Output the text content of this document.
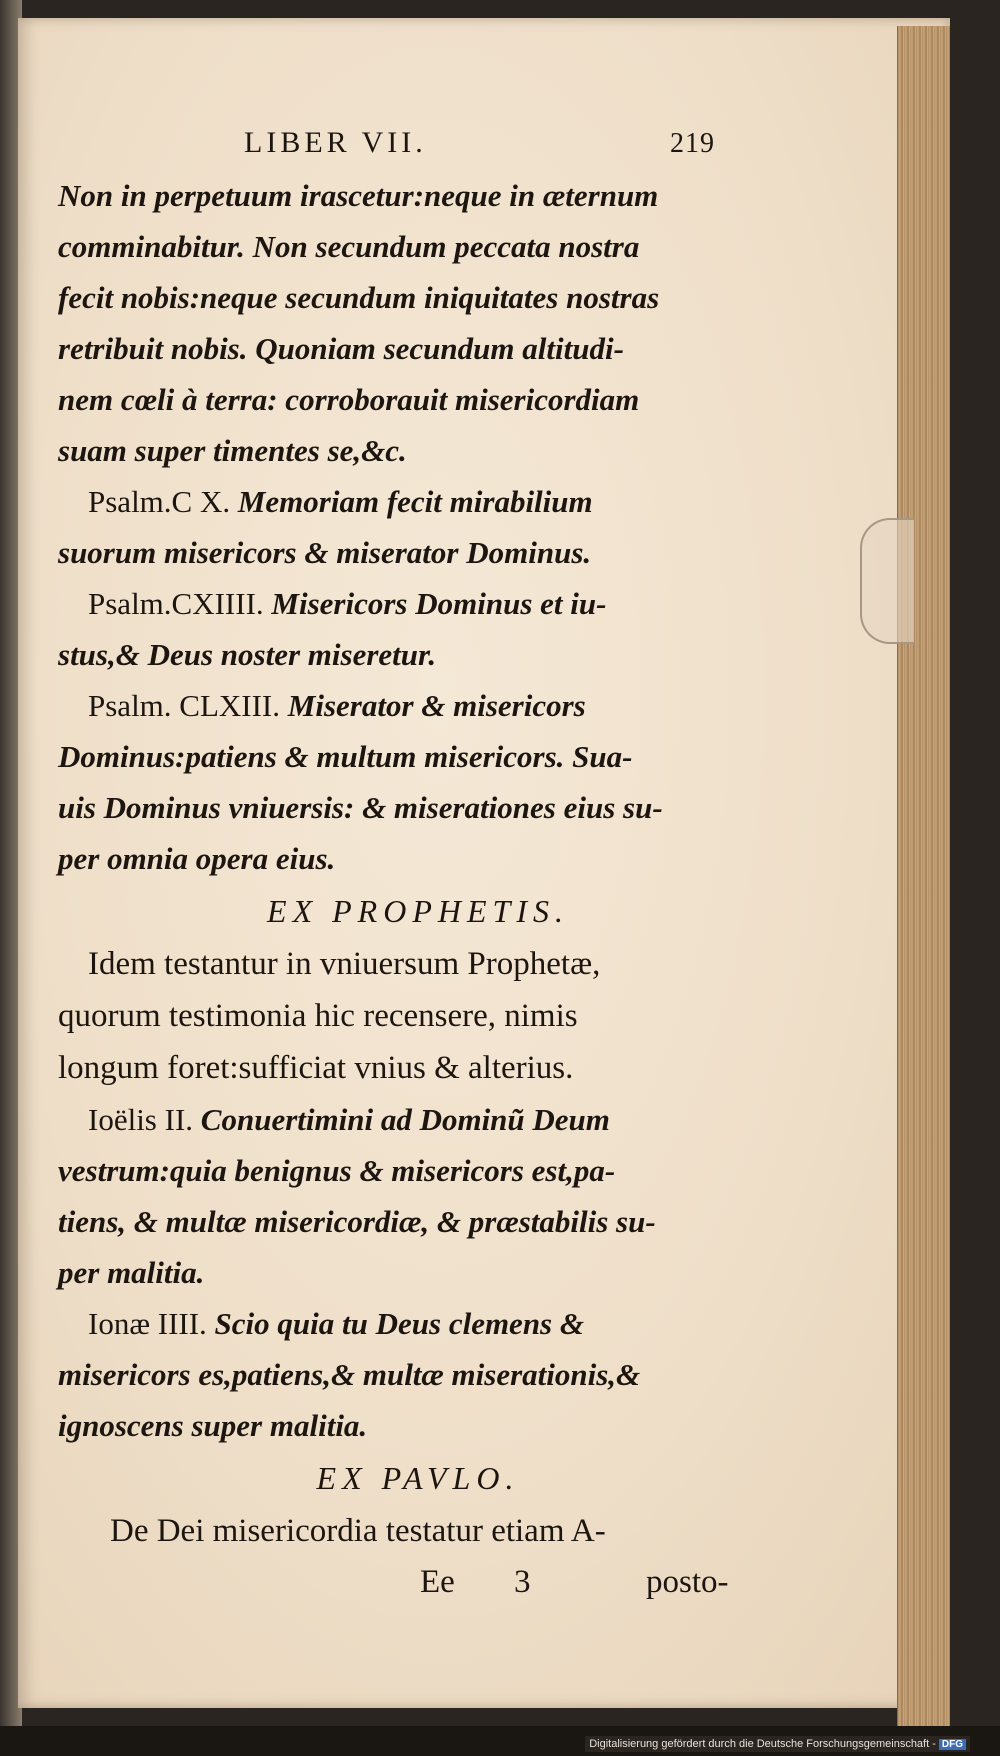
LIBER VII.	219
Non in perpetuum irascetur:neque in æternum
comminabitur. Non secundum peccata nostra
fecit nobis:neque secundum iniquitates nostras
retribuit nobis. Quoniam secundum altitudi-
nem cœli à terra: corroborauit misericordiam
suam super timentes se,&c.
Psalm.C X. Memoriam fecit mirabilium
suorum misericors & miserator Dominus.
Psalm.CXIIII. Misericors Dominus et iu-
stus,& Deus noster miseretur.
Psalm. CLXIII. Miserator & misericors
Dominus:patiens & multum misericors. Sua-
uis Dominus vniuersis: & miserationes eius su-
per omnia opera eius.
EX PROPHETIS.
Idem testantur in vniuersum Prophetæ,
quorum testimonia hic recensere, nimis
longum foret:sufficiat vnius & alterius.
Ioëlis II. Conuertimini ad Dominũ Deum
vestrum:quia benignus & misericors est,pa-
tiens, & multæ misericordiæ, & præstabilis su-
per malitia.
Ionæ IIII. Scio quia tu Deus clemens &
misericors es,patiens,& multæ miserationis,&
ignoscens super malitia.
EX PAVLO.
De Dei misericordia testatur etiam A-
Ee 3	posto-
Digitalisierung gefördert durch die Deutsche Forschungsgemeinschaft - DFG
